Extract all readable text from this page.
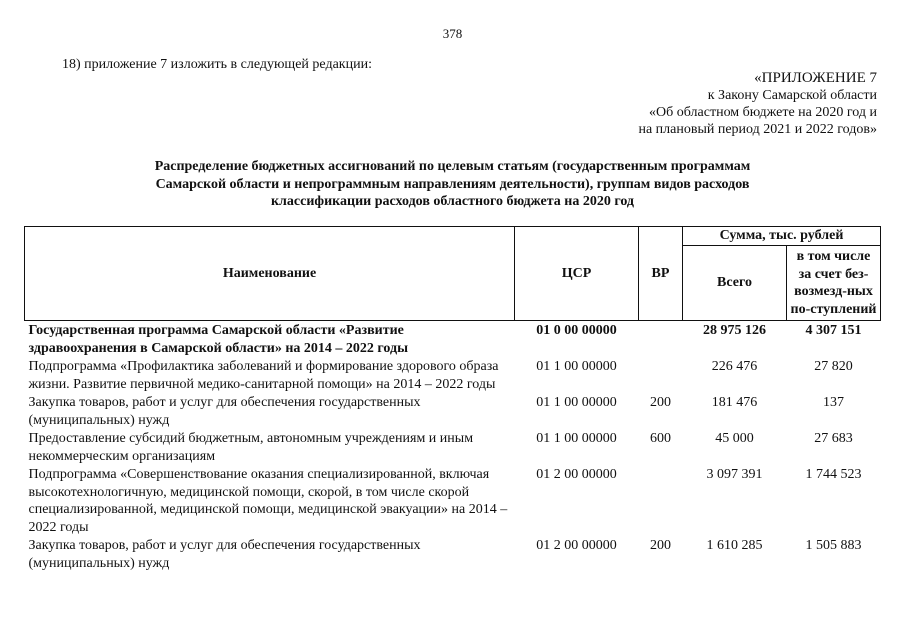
378
18) приложение 7 изложить в следующей редакции:
«ПРИЛОЖЕНИЕ 7
к Закону Самарской области
«Об областном бюджете на 2020 год и
на плановый период 2021 и 2022 годов»
Распределение бюджетных ассигнований по целевым статьям (государственным программам
Самарской области и непрограммным направлениям деятельности), группам видов расходов
классификации расходов областного бюджета на 2020 год
Наименование	ЦСР	ВР	Сумма, тыс. рублей	
			Всего	в том числе за счет без-возмезд-ных по-ступлений
Государственная программа Самарской области «Развитие здравоохранения в Самарской области» на 2014 – 2022 годы	01 0 00 00000		28 975 126	4 307 151
Подпрограмма «Профилактика заболеваний и формирование здорового образа жизни. Развитие первичной медико-санитарной помощи» на 2014 – 2022 годы	01 1 00 00000		226 476	27 820
Закупка товаров, работ и услуг для обеспечения государственных (муниципальных) нужд	01 1 00 00000	200	181 476	137
Предоставление субсидий бюджетным, автономным учреждениям и иным некоммерческим организациям	01 1 00 00000	600	45 000	27 683
Подпрограмма «Совершенствование оказания специализированной, включая высокотехнологичную, медицинской помощи, скорой, в том числе скорой специализированной, медицинской помощи, медицинской эвакуации» на 2014 – 2022 годы	01 2 00 00000		3 097 391	1 744 523
Закупка товаров, работ и услуг для обеспечения государственных (муниципальных) нужд	01 2 00 00000	200	1 610 285	1 505 883
